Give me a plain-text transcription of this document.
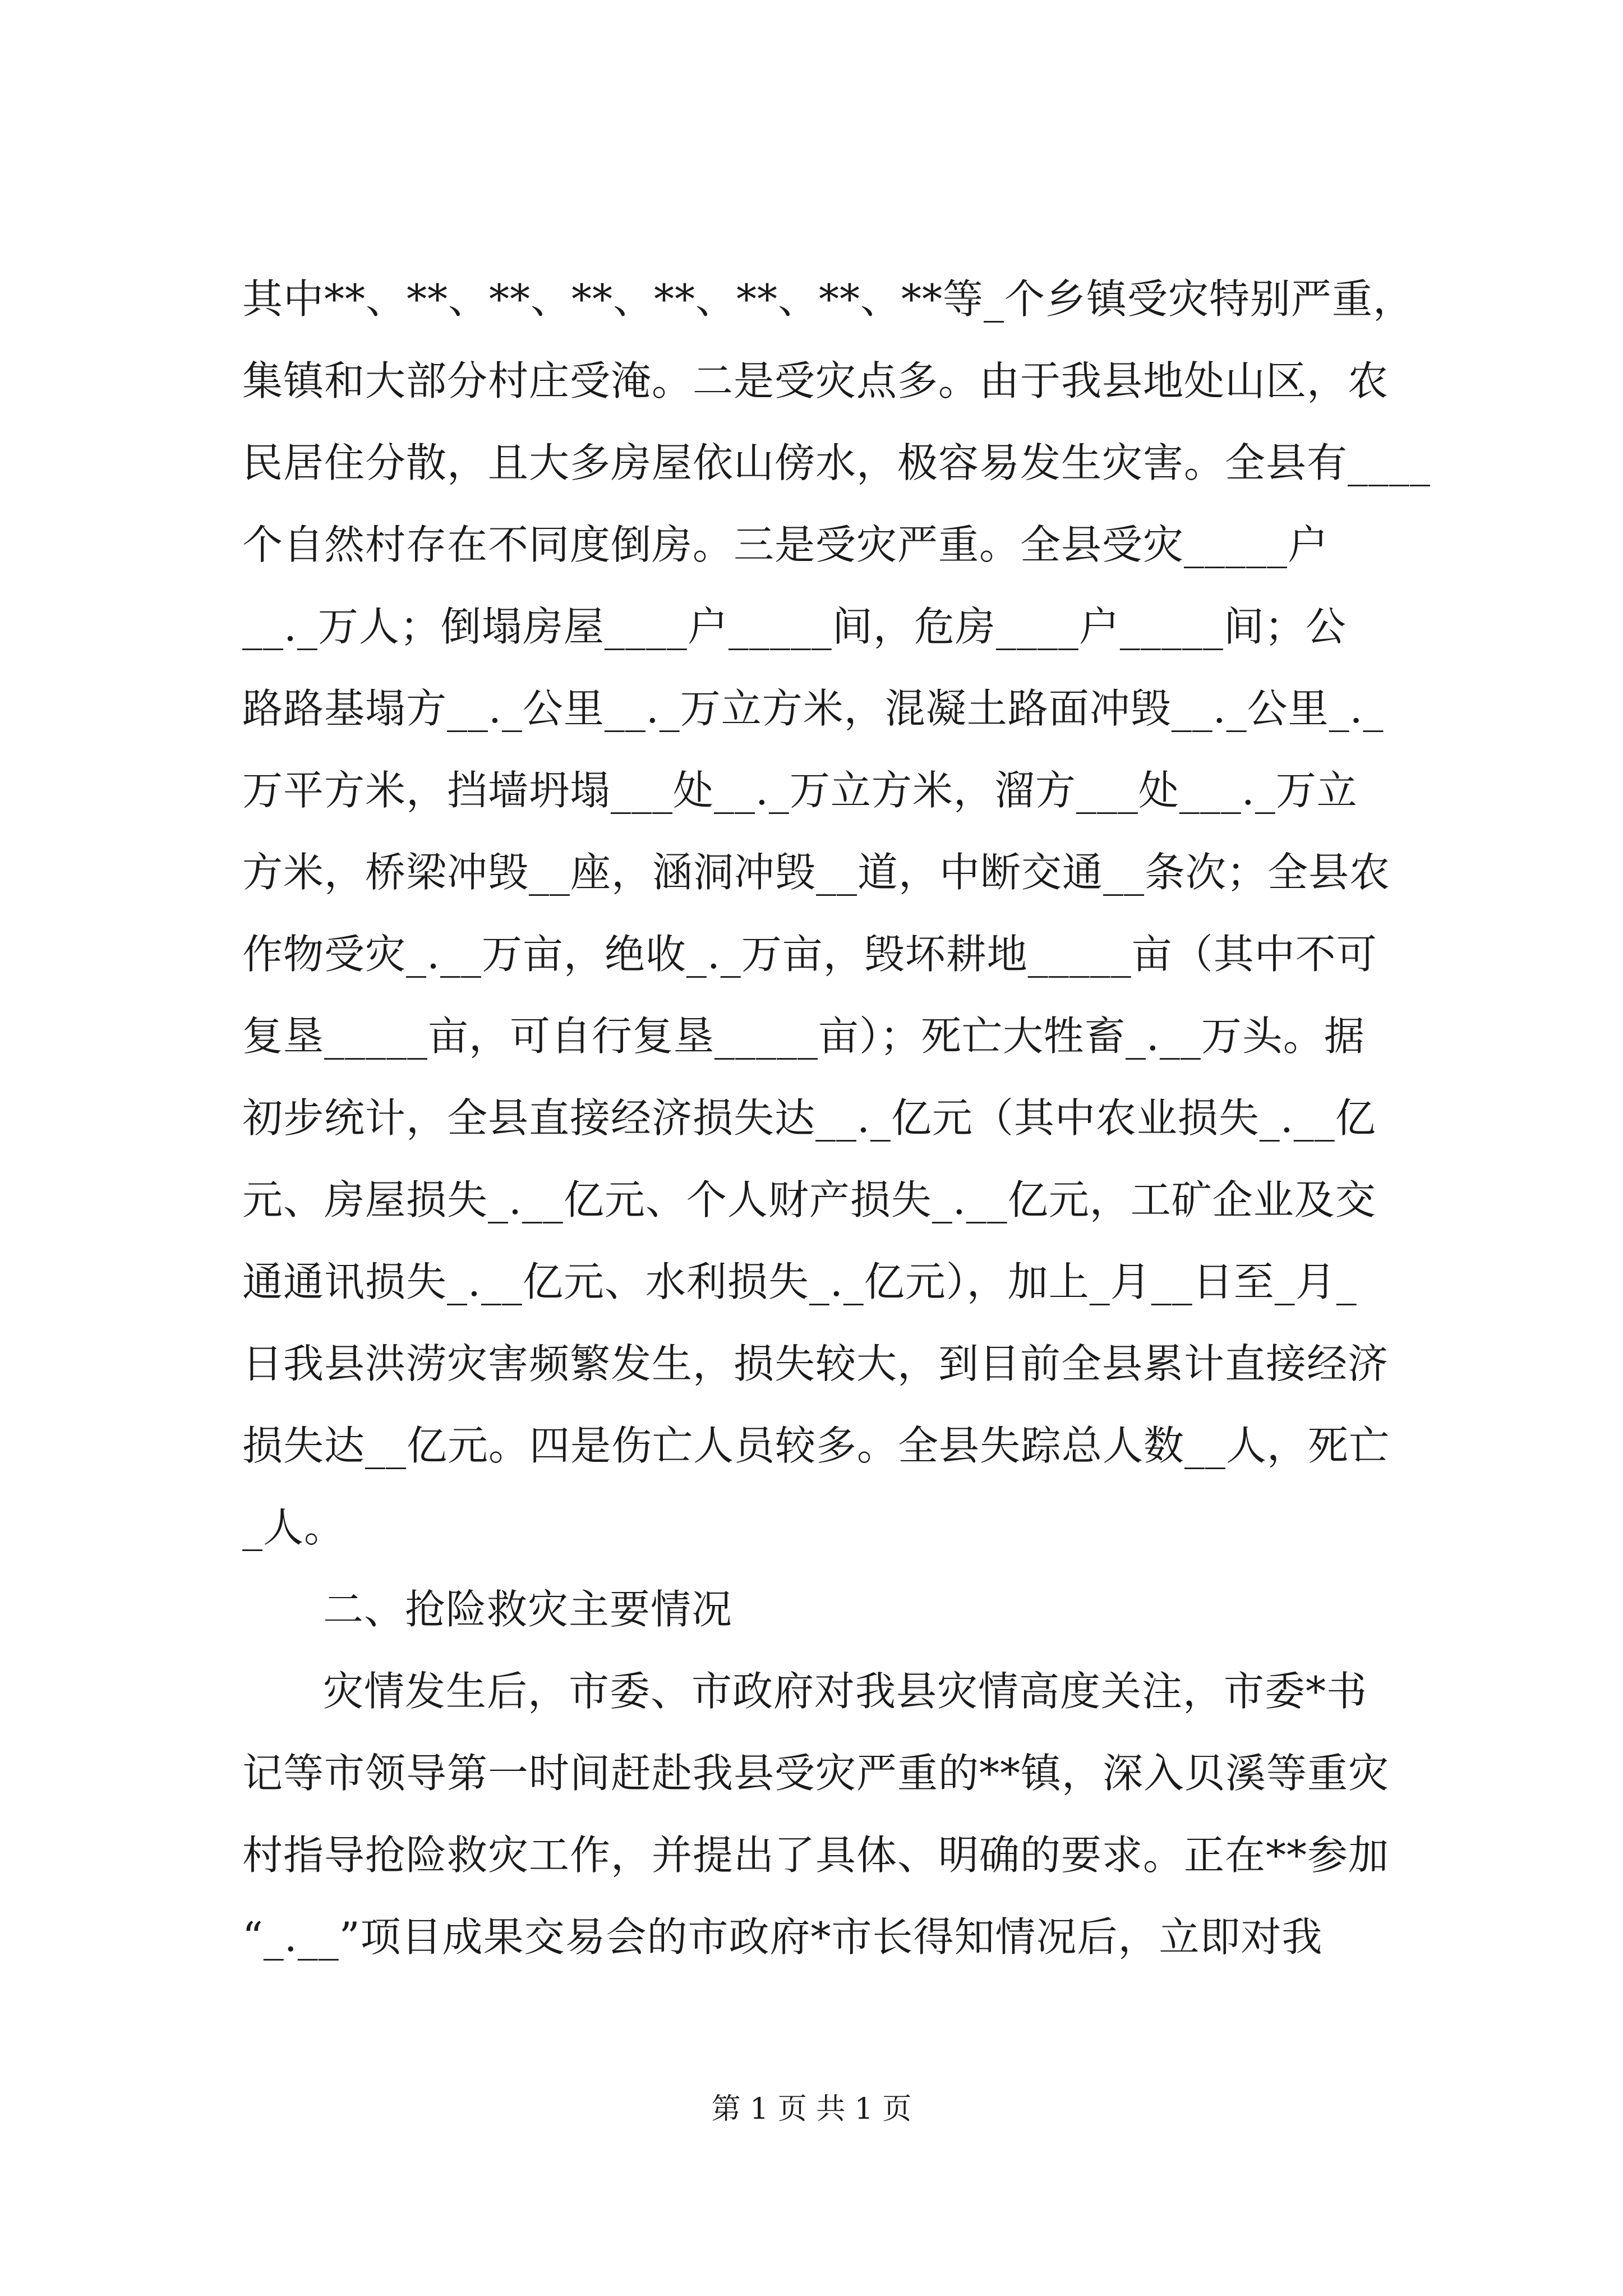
其中**、**、**、**、**、**、**、**等_个乡镇受灾特别严重，
集镇和大部分村庄受淹。二是受灾点多。由于我县地处山区，农
民居住分散，且大多房屋依山傍水，极容易发生灾害。全县有____
个自然村存在不同度倒房。三是受灾严重。全县受灾_____户
__._万人；倒塌房屋____户_____间，危房____户_____间；公
路路基塌方__._公里__._万立方米，混凝土路面冲毁__._公里_._
万平方米，挡墙坍塌___处__._万立方米，溜方___处___._万立
方米，桥梁冲毁__座，涵洞冲毁__道，中断交通__条次；全县农
作物受灾_.__万亩，绝收_._万亩，毁坏耕地_____亩（其中不可
复垦_____亩，可自行复垦_____亩）；死亡大牲畜_.__万头。据
初步统计，全县直接经济损失达__._亿元（其中农业损失_.__亿
元、房屋损失_.__亿元、个人财产损失_.__亿元，工矿企业及交
通通讯损失_.__亿元、水利损失_._亿元），加上_月__日至_月_
日我县洪涝灾害频繁发生，损失较大，到目前全县累计直接经济
损失达__亿元。四是伤亡人员较多。全县失踪总人数__人，死亡
_人。
二、抢险救灾主要情况
灾情发生后，市委、市政府对我县灾情高度关注，市委*书
记等市领导第一时间赶赴我县受灾严重的**镇，深入贝溪等重灾
村指导抢险救灾工作，并提出了具体、明确的要求。正在**参加
“_.__”项目成果交易会的市政府*市长得知情况后，立即对我
第 1 页 共 1 页
